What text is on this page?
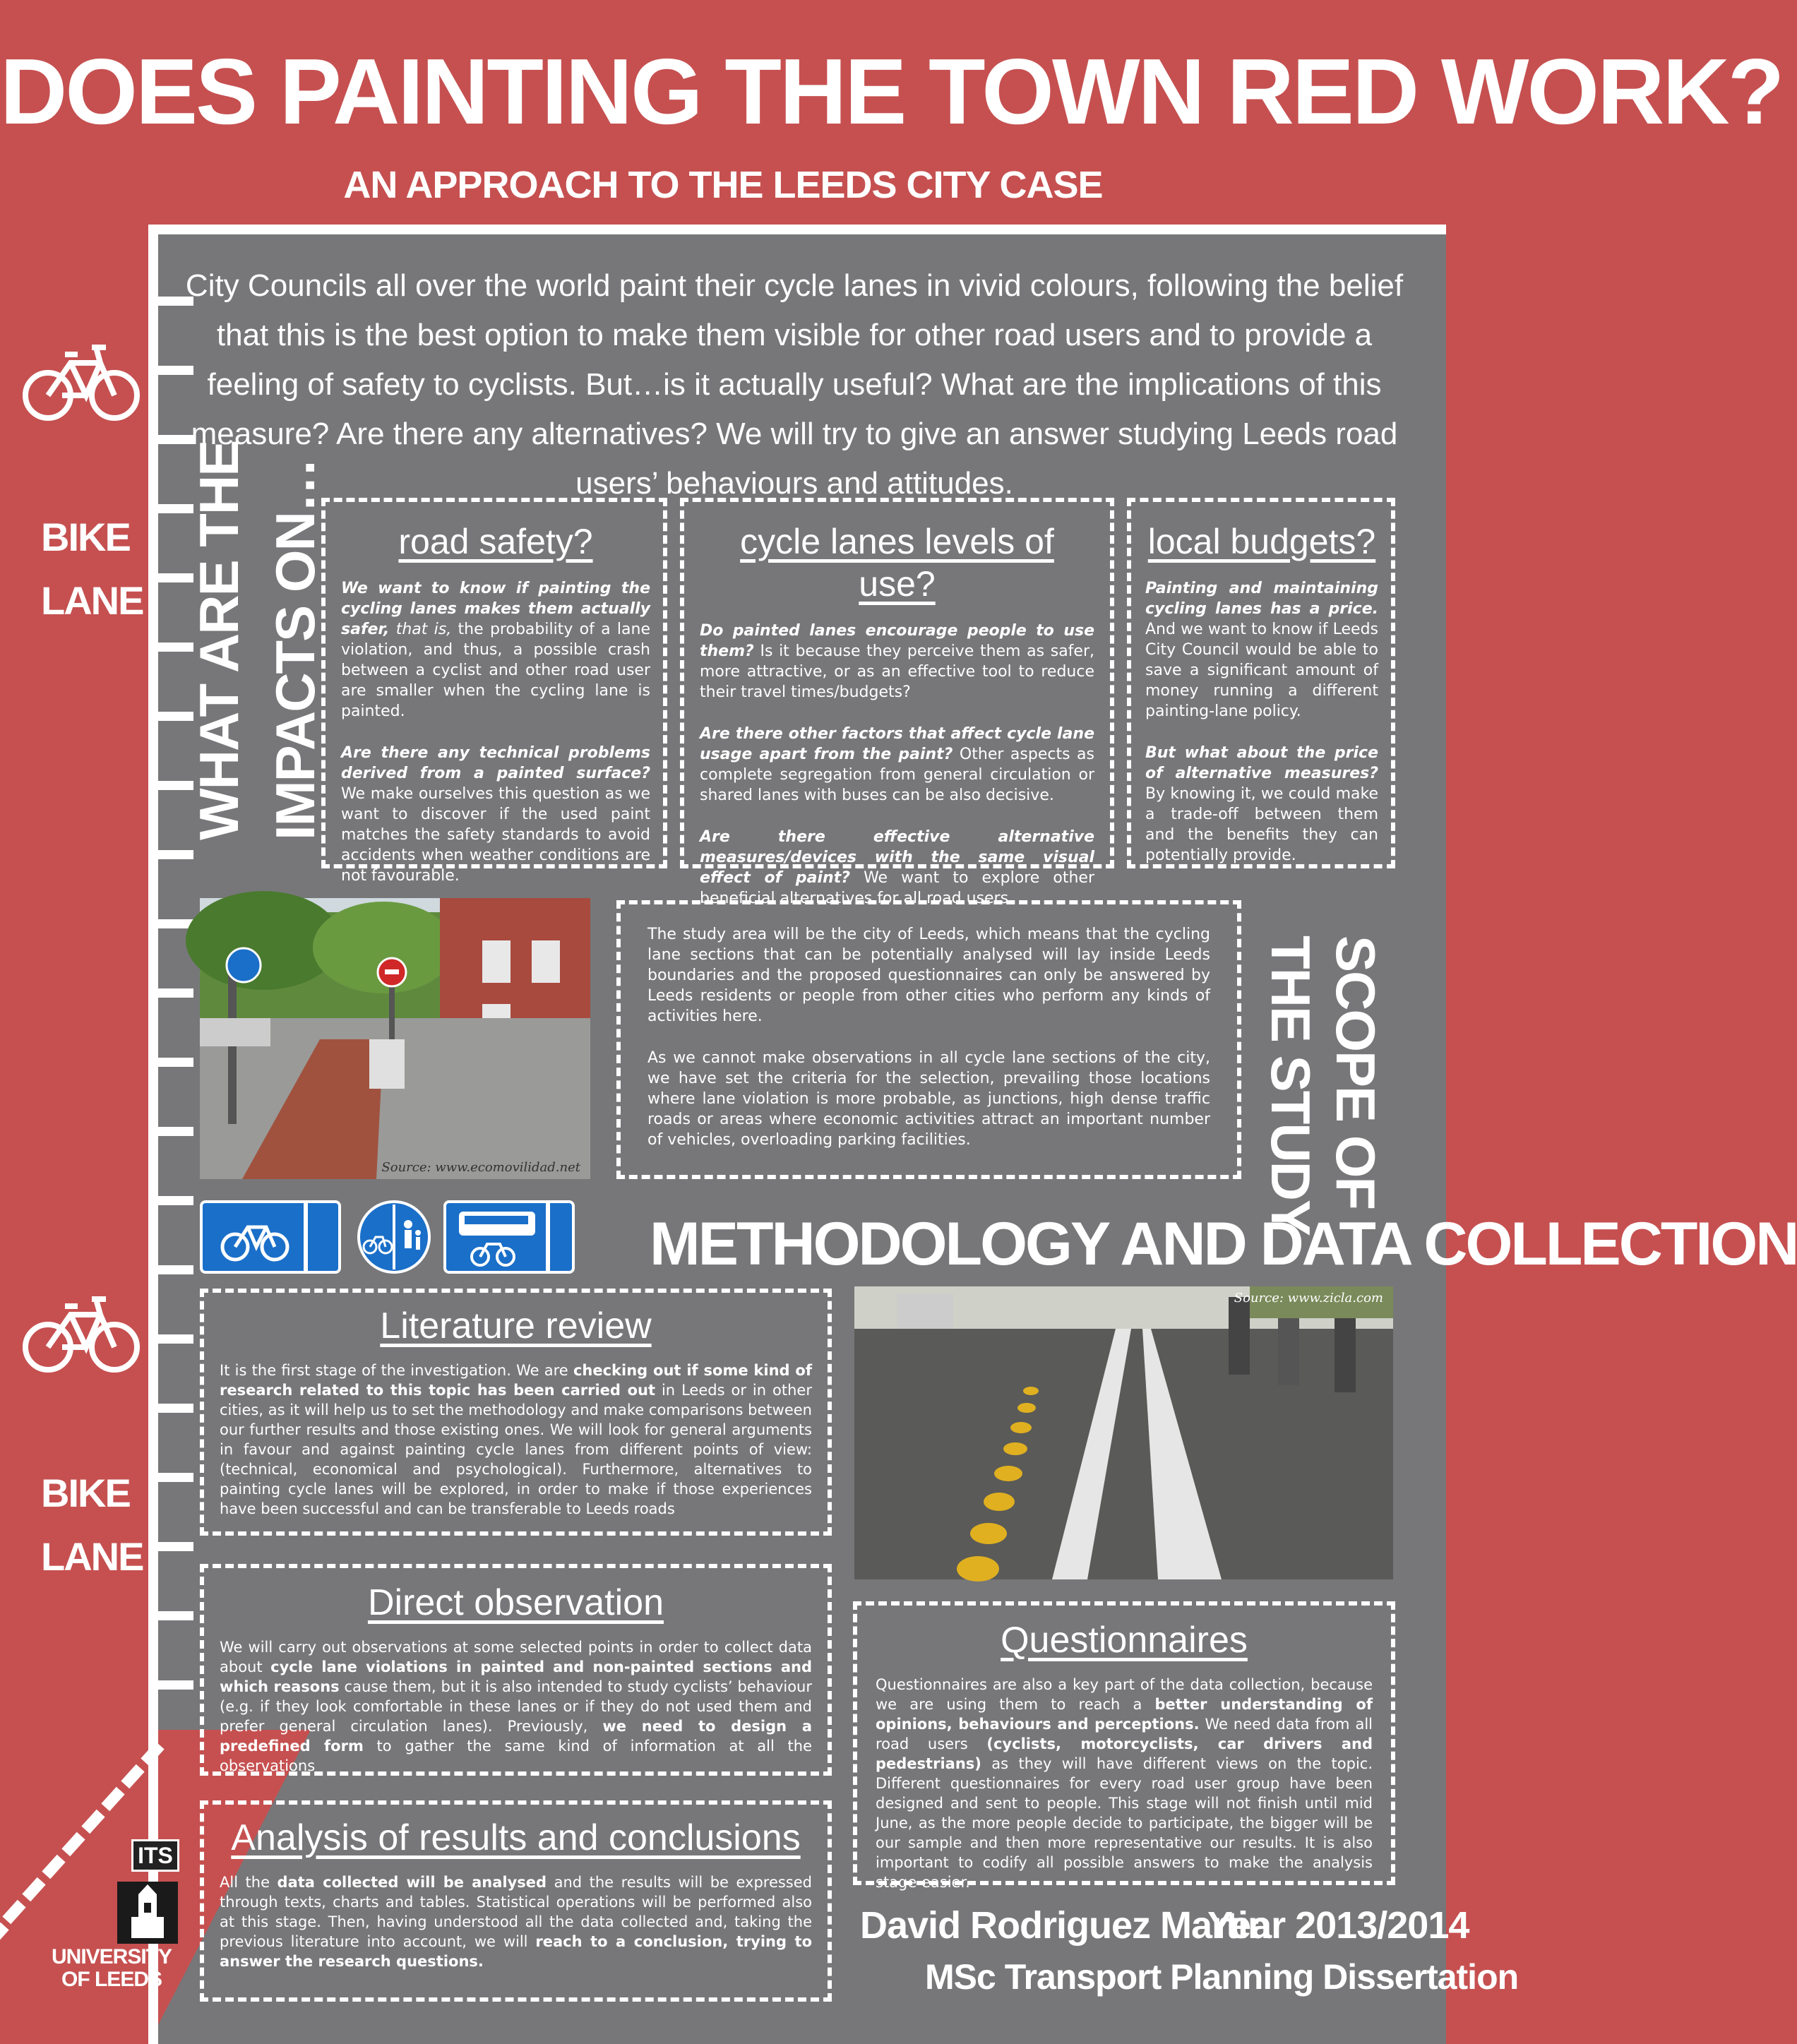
DOES PAINTING THE TOWN RED WORK?
AN APPROACH TO THE LEEDS CITY CASE
BIKE
LANE
BIKE
LANE
City Councils all over the world paint their cycle lanes in vivid colours, following the belief that this is the best option to make them visible for other road users and to provide a feeling of safety to cyclists. But…is it actually useful? What are the implications of this measure? Are there any alternatives? We will try to give an answer studying Leeds road users’ behaviours and attitudes.
WHAT ARE THE IMPACTS ON…	road safety?

We want to know if painting the cycling lanes makes them actually safer, that is, the probability of a lane violation, and thus, a possible crash between a cyclist and other road user are smaller when the cycling lane is painted.

Are there any technical problems derived from a painted surface? We make ourselves this question as we want to discover if the used paint matches the safety standards to avoid accidents when weather conditions are not favourable.

cycle lanes levels of use?

Do painted lanes encourage people to use them? Is it because they perceive them as safer, more attractive, or as an effective tool to reduce their travel times/budgets?

Are there other factors that affect cycle lane usage apart from the paint? Other aspects as complete segregation from general circulation or shared lanes with buses can be also decisive.

Are there effective alternative measures/devices with the same visual effect of paint? We want to explore other beneficial alternatives for all road users.

local budgets?

Painting and maintaining cycling lanes has a price. And we want to know if Leeds City Council would be able to save a significant amount of money running a different painting-lane policy.

But what about the price of alternative measures? By knowing it, we could make a trade-off between them and the benefits they can potentially provide.

Source: www.ecomovilidad.net

The study area will be the city of Leeds, which means that the cycling lane sections that can be potentially analysed will lay inside Leeds boundaries and the proposed questionnaires can only be answered by Leeds residents or people from other cities who perform any kinds of activities here.

As we cannot make observations in all cycle lane sections of the city, we have set the criteria for the selection, prevailing those locations where lane violation is more probable, as junctions, high dense traffic roads or areas where economic activities attract an important number of vehicles, overloading parking facilities.	SCOPE OF
THE STUDY
METHODOLOGY AND DATA COLLECTION
Literature review

It is the first stage of the investigation. We are checking out if some kind of research related to this topic has been carried out in Leeds or in other cities, as it will help us to set the methodology and make comparisons between our further results and those existing ones. We will look for general arguments in favour and against painting cycle lanes from different points of view: (technical, economical and psychological). Furthermore, alternatives to painting cycle lanes will be explored, in order to make if those experiences have been successful and can be transferable to Leeds roads

Source: www.zicla.com
Direct observation

We will carry out observations at some selected points in order to collect data about cycle lane violations in painted and non-painted sections and which reasons cause them, but it is also intended to study cyclists’ behaviour (e.g. if they look comfortable in these lanes or if they do not used them and prefer general circulation lanes). Previously, we need to design a predefined form to gather the same kind of information at all the observations

Analysis of results and conclusions

All the data collected will be analysed and the results will be expressed through texts, charts and tables. Statistical operations will be performed also at this stage. Then, having understood all the data collected and, taking the previous literature into account, we will reach to a conclusion, trying to answer the research questions.

Questionnaires

Questionnaires are also a key part of the data collection, because we are using them to reach a better understanding of opinions, behaviours and perceptions. We need data from all road users (cyclists, motorcyclists, car drivers and pedestrians) as they will have different views on the topic. Different questionnaires for every road user group have been designed and sent to people. This stage will not finish until mid June, as the more people decide to participate, the bigger will be our sample and then more representative our results. It is also important to codify all possible answers to make the analysis stage easier.

David Rodriguez Martin
Year 2013/2014
MSc Transport Planning Dissertation
ITS
UNIVERSITY
OF LEEDS
